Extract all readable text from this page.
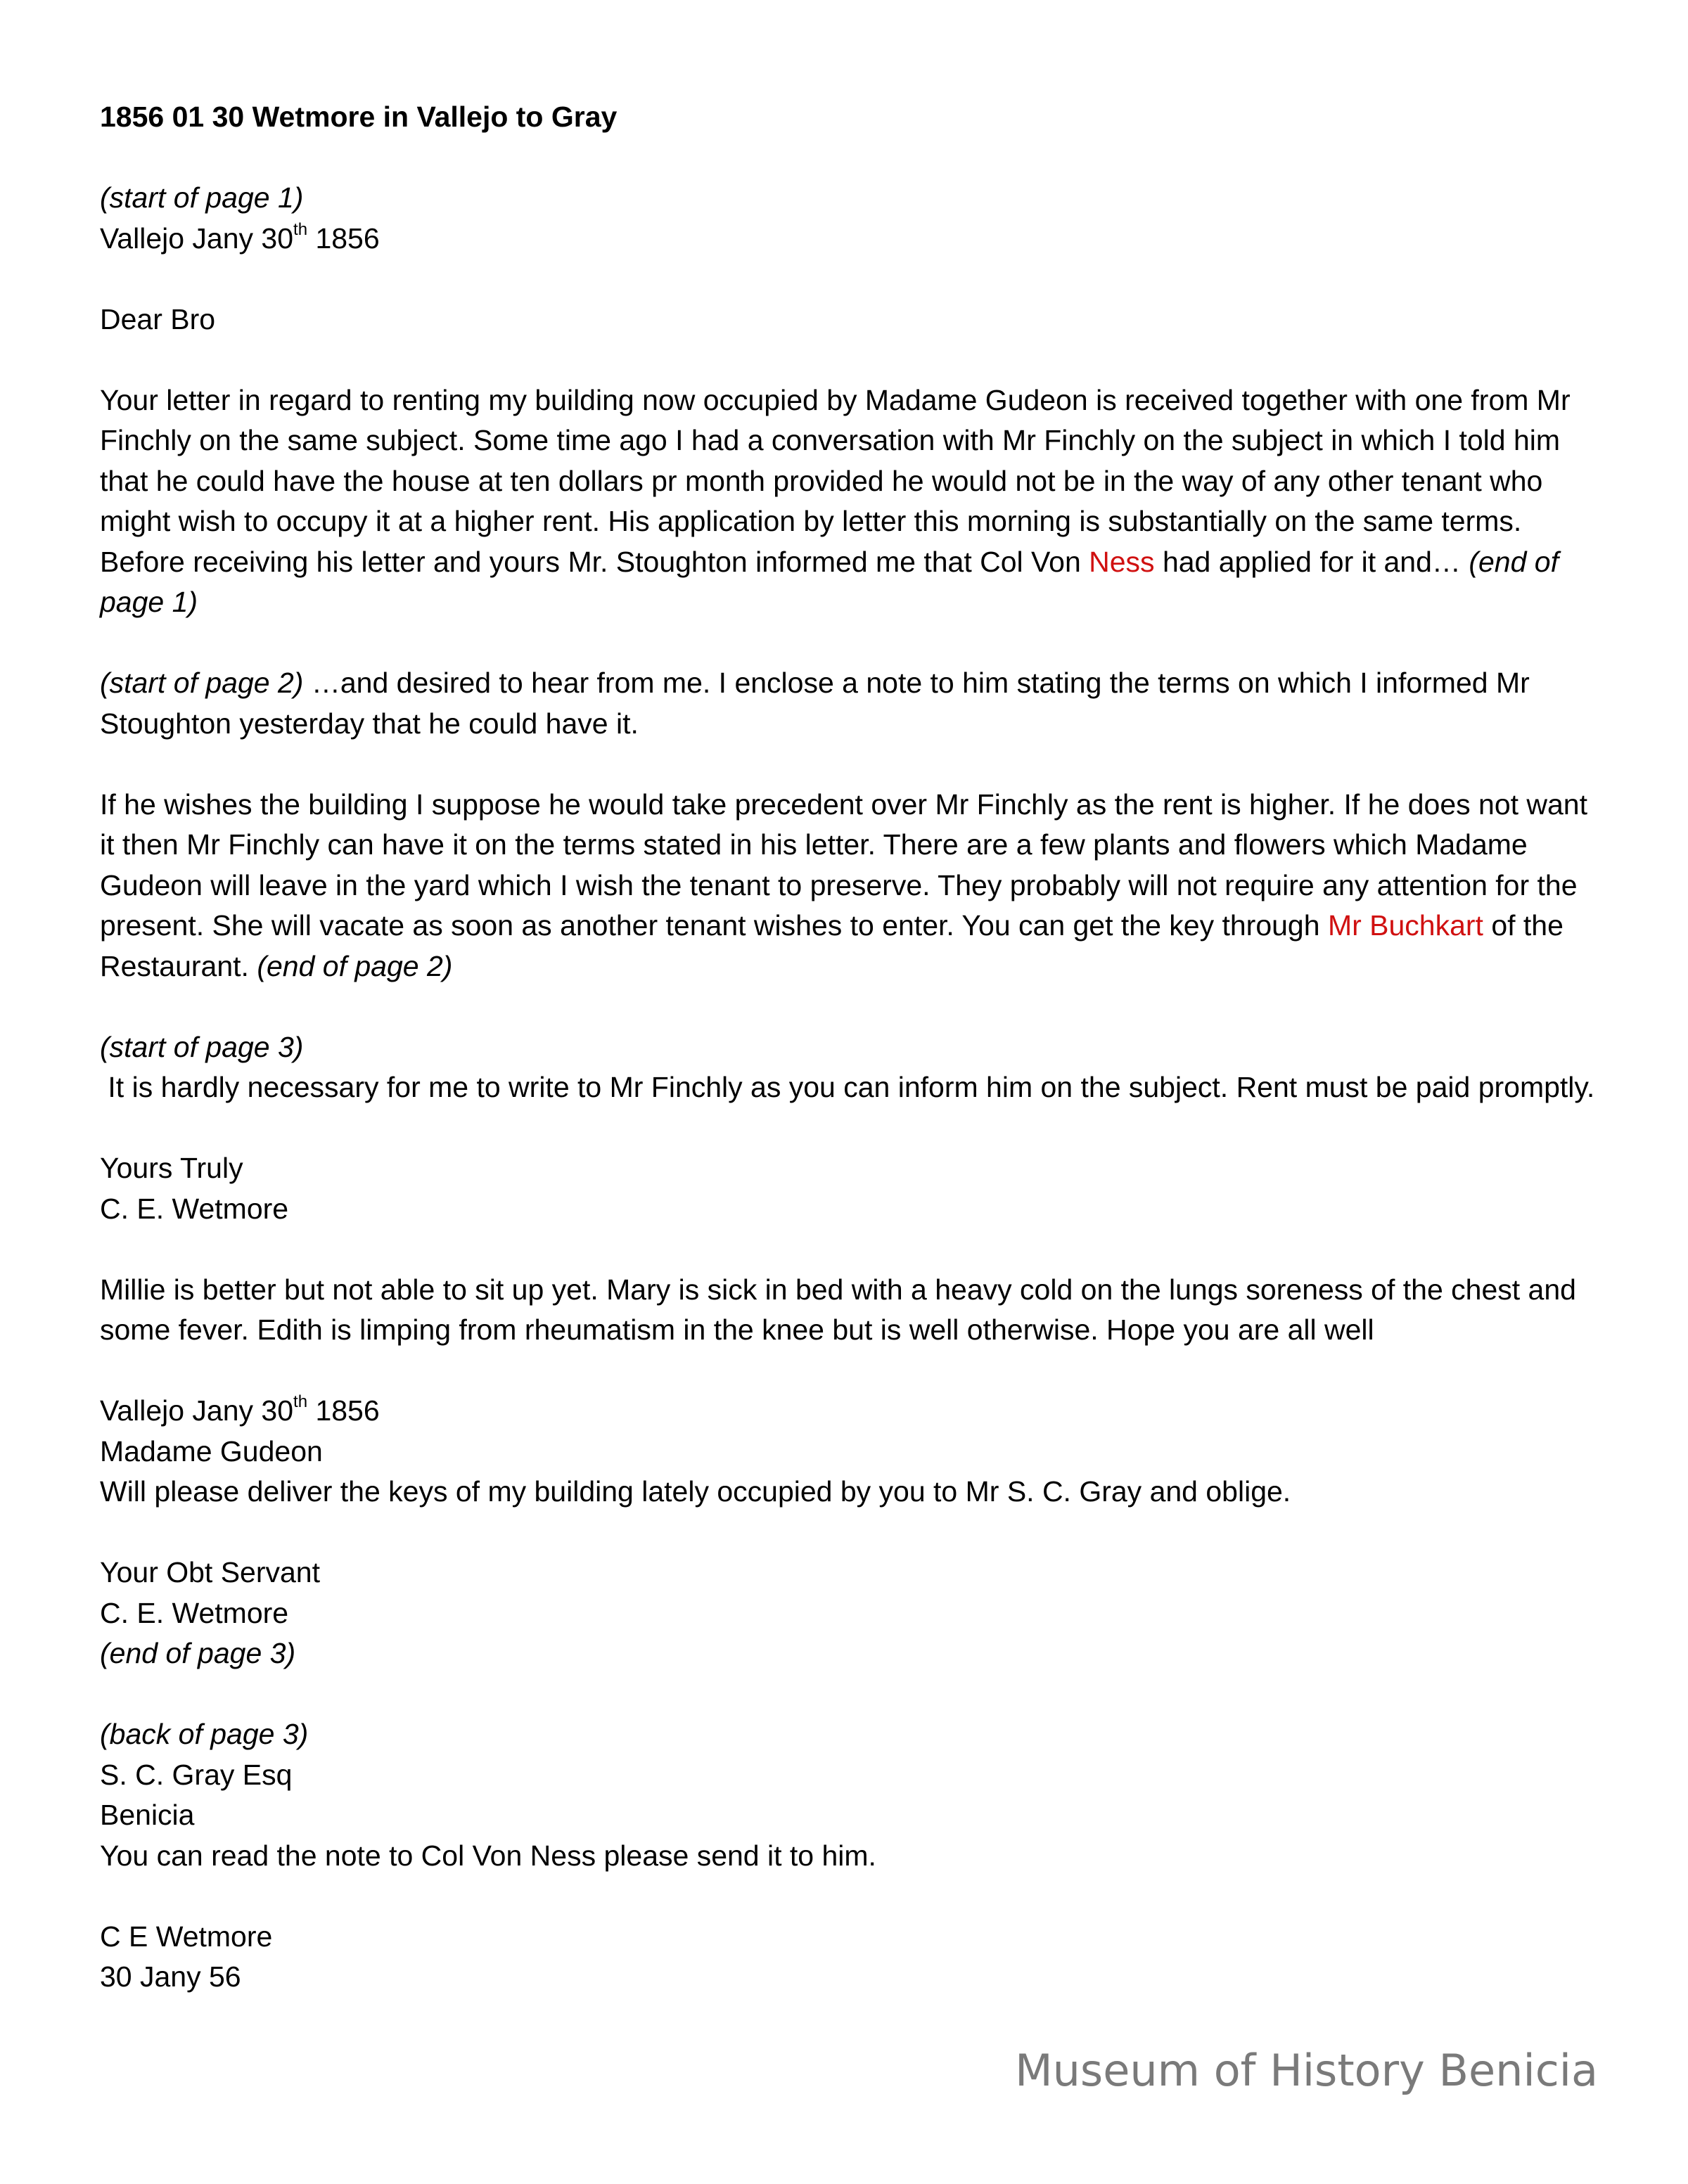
1856 01 30 Wetmore in Vallejo to Gray
(start of page 1)
Vallejo Jany 30th 1856
Dear Bro
Your letter in regard to renting my building now occupied by Madame Gudeon is received together with one from Mr Finchly on the same subject. Some time ago I had a conversation with Mr Finchly on the subject in which I told him that he could have the house at ten dollars pr month provided he would not be in the way of any other tenant who might wish to occupy it at a higher rent. His application by letter this morning is substantially on the same terms. Before receiving his letter and yours Mr. Stoughton informed me that Col Von Ness had applied for it and… (end of page 1)
(start of page 2) …and desired to hear from me. I enclose a note to him stating the terms on which I informed Mr Stoughton yesterday that he could have it.
If he wishes the building I suppose he would take precedent over Mr Finchly as the rent is higher. If he does not want it then Mr Finchly can have it on the terms stated in his letter. There are a few plants and flowers which Madame Gudeon will leave in the yard which I wish the tenant to preserve. They probably will not require any attention for the present. She will vacate as soon as another tenant wishes to enter. You can get the key through Mr Buchkart of the Restaurant. (end of page 2)
(start of page 3)
It is hardly necessary for me to write to Mr Finchly as you can inform him on the subject. Rent must be paid promptly.
Yours Truly
C. E. Wetmore
Millie is better but not able to sit up yet. Mary is sick in bed with a heavy cold on the lungs soreness of the chest and some fever. Edith is limping from rheumatism in the knee but is well otherwise. Hope you are all well
Vallejo Jany 30th 1856
Madame Gudeon
Will please deliver the keys of my building lately occupied by you to Mr S. C. Gray and oblige.
Your Obt Servant
C. E. Wetmore
(end of page 3)
(back of page 3)
S. C. Gray Esq
Benicia
You can read the note to Col Von Ness please send it to him.
C E Wetmore
30 Jany 56
Museum of History Benicia
